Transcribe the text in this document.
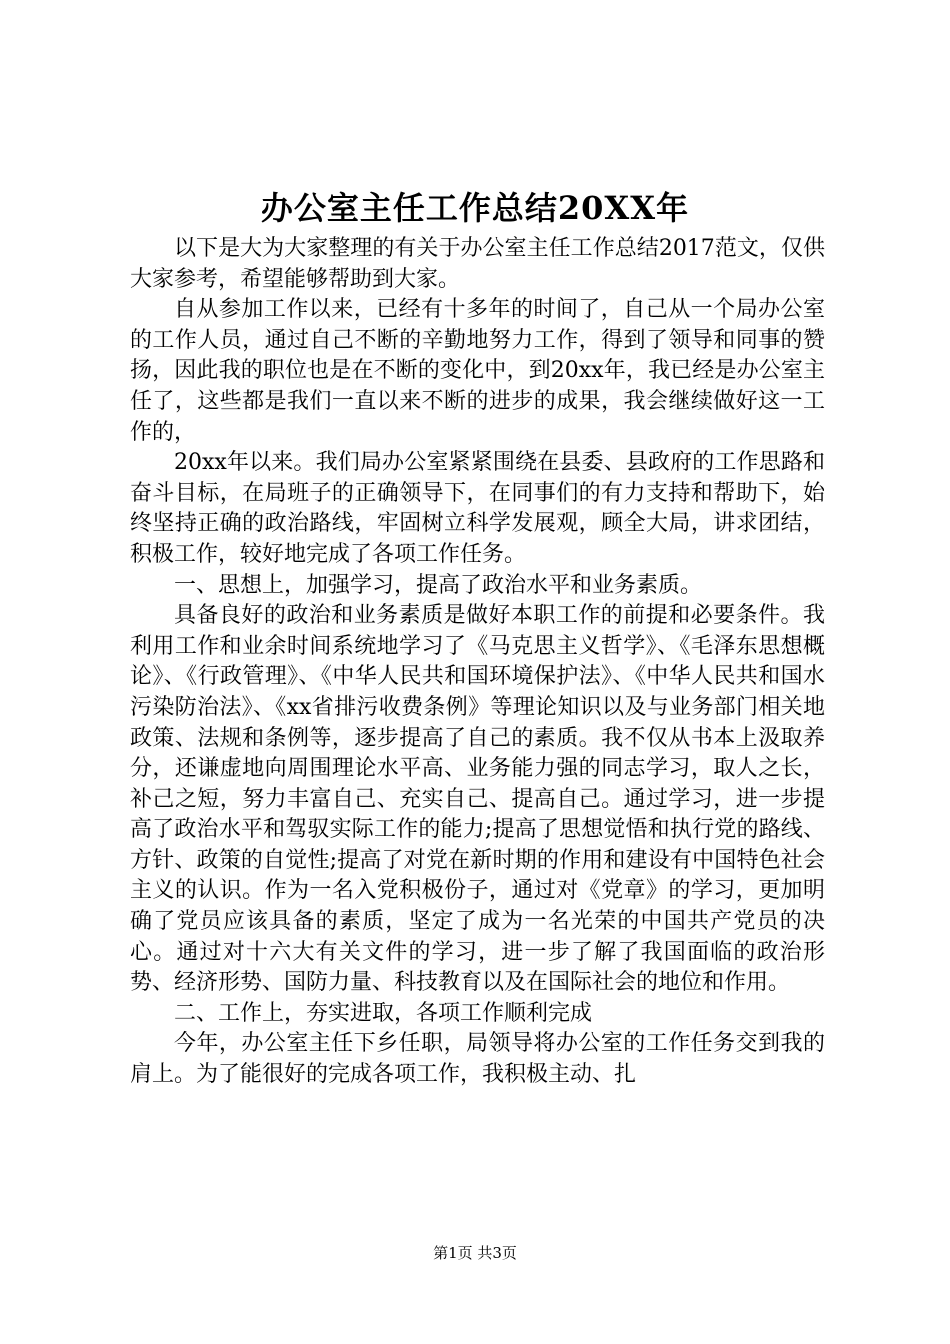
办公室主任工作总结20XX年

以下是大为大家整理的有关于办公室主任工作总结2017范文，仅供大家参考，希望能够帮助到大家。

自从参加工作以来，已经有十多年的时间了，自己从一个局办公室的工作人员，通过自己不断的辛勤地努力工作，得到了领导和同事的赞扬，因此我的职位也是在不断的变化中，到20xx年，我已经是办公室主任了，这些都是我们一直以来不断的进步的成果，我会继续做好这一工作的，

20xx年以来。我们局办公室紧紧围绕在县委、县政府的工作思路和奋斗目标，在局班子的正确领导下，在同事们的有力支持和帮助下，始终坚持正确的政治路线，牢固树立科学发展观，顾全大局，讲求团结，积极工作，较好地完成了各项工作任务。

一、思想上，加强学习，提高了政治水平和业务素质。

具备良好的政治和业务素质是做好本职工作的前提和必要条件。我利用工作和业余时间系统地学习了《马克思主义哲学》、《毛泽东思想概论》、《行政管理》、《中华人民共和国环境保护法》、《中华人民共和国水污染防治法》、《xx省排污收费条例》等理论知识以及与业务部门相关地政策、法规和条例等，逐步提高了自己的素质。我不仅从书本上汲取养分，还谦虚地向周围理论水平高、业务能力强的同志学习，取人之长，补己之短，努力丰富自己、充实自己、提高自己。通过学习，进一步提高了政治水平和驾驭实际工作的能力;提高了思想觉悟和执行党的路线、方针、政策的自觉性;提高了对党在新时期的作用和建设有中国特色社会主义的认识。作为一名入党积极份子，通过对《党章》的学习，更加明确了党员应该具备的素质，坚定了成为一名光荣的中国共产党员的决心。通过对十六大有关文件的学习，进一步了解了我国面临的政治形势、经济形势、国防力量、科技教育以及在国际社会的地位和作用。

二、工作上，夯实进取，各项工作顺利完成

今年，办公室主任下乡任职，局领导将办公室的工作任务交到我的肩上。为了能很好的完成各项工作，我积极主动、扎

第1页 共3页
